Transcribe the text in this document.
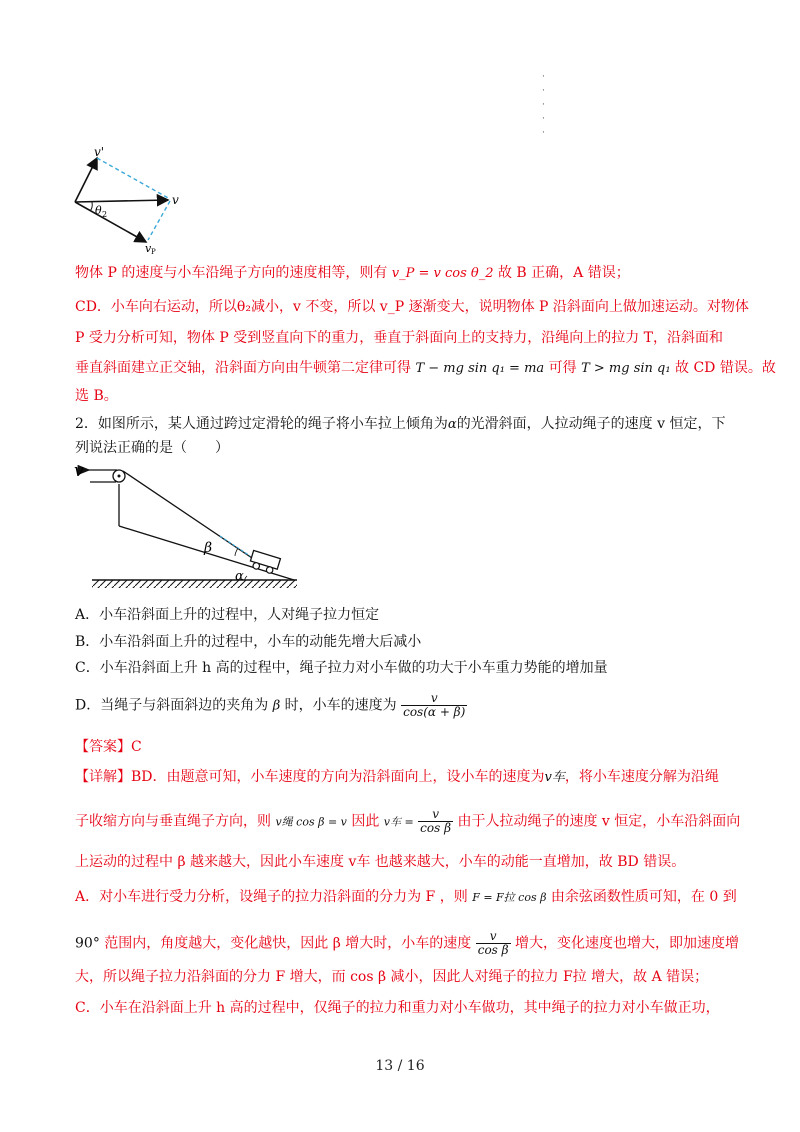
·
·
·
·
·
v'
v
θ 2
v P
物体 P 的速度与小车沿绳子方向的速度相等，则有 v_P = v cos θ_2 故 B 正确，A 错误；
CD．小车向右运动，所以θ₂减小，v 不变，所以 v_P 逐渐变大，说明物体 P 沿斜面向上做加速运动。对物体
P 受力分析可知，物体 P 受到竖直向下的重力，垂直于斜面向上的支持力，沿绳向上的拉力 T，沿斜面和
垂直斜面建立正交轴，沿斜面方向由牛顿第二定律可得 T − mg sin q₁ = ma 可得 T > mg sin q₁ 故 CD 错误。故
选 B。
2．如图所示，某人通过跨过定滑轮的绳子将小车拉上倾角为α的光滑斜面，人拉动绳子的速度 v 恒定，下
列说法正确的是（　　）
v
β
α
A．小车沿斜面上升的过程中，人对绳子拉力恒定
B．小车沿斜面上升的过程中，小车的动能先增大后减小
C．小车沿斜面上升 h 高的过程中，绳子拉力对小车做的功大于小车重力势能的增加量
D．当绳子与斜面斜边的夹角为 β 时，小车的速度为 $\frac{v}{\cos(\alpha + \beta)}$
【答案】C
【详解】BD．由题意可知，小车速度的方向为沿斜面向上，设小车的速度为v车，将小车速度分解为沿绳
子收缩方向与垂直绳子方向，则 v绳 cos β = v 因此 v车 = $\frac{v}{\text{cos β}}$ 由于人拉动绳子的速度 v 恒定，小车沿斜面向
上运动的过程中 β 越来越大，因此小车速度 v车 也越来越大，小车的动能一直增加，故 BD 错误。
A．对小车进行受力分析，设绳子的拉力沿斜面的分力为 F ，则 F = F拉 cos β 由余弦函数性质可知，在 0 到
90° 范围内，角度越大，变化越快，因此 β 增大时，小车的速度 $\frac{v}{\text{cos β}}$ 增大，变化速度也增大，即加速度增
大，所以绳子拉力沿斜面的分力 F 增大，而 cos β 减小，因此人对绳子的拉力 F拉 增大，故 A 错误；
C．小车在沿斜面上升 h 高的过程中，仅绳子的拉力和重力对小车做功，其中绳子的拉力对小车做正功，
13 / 16
